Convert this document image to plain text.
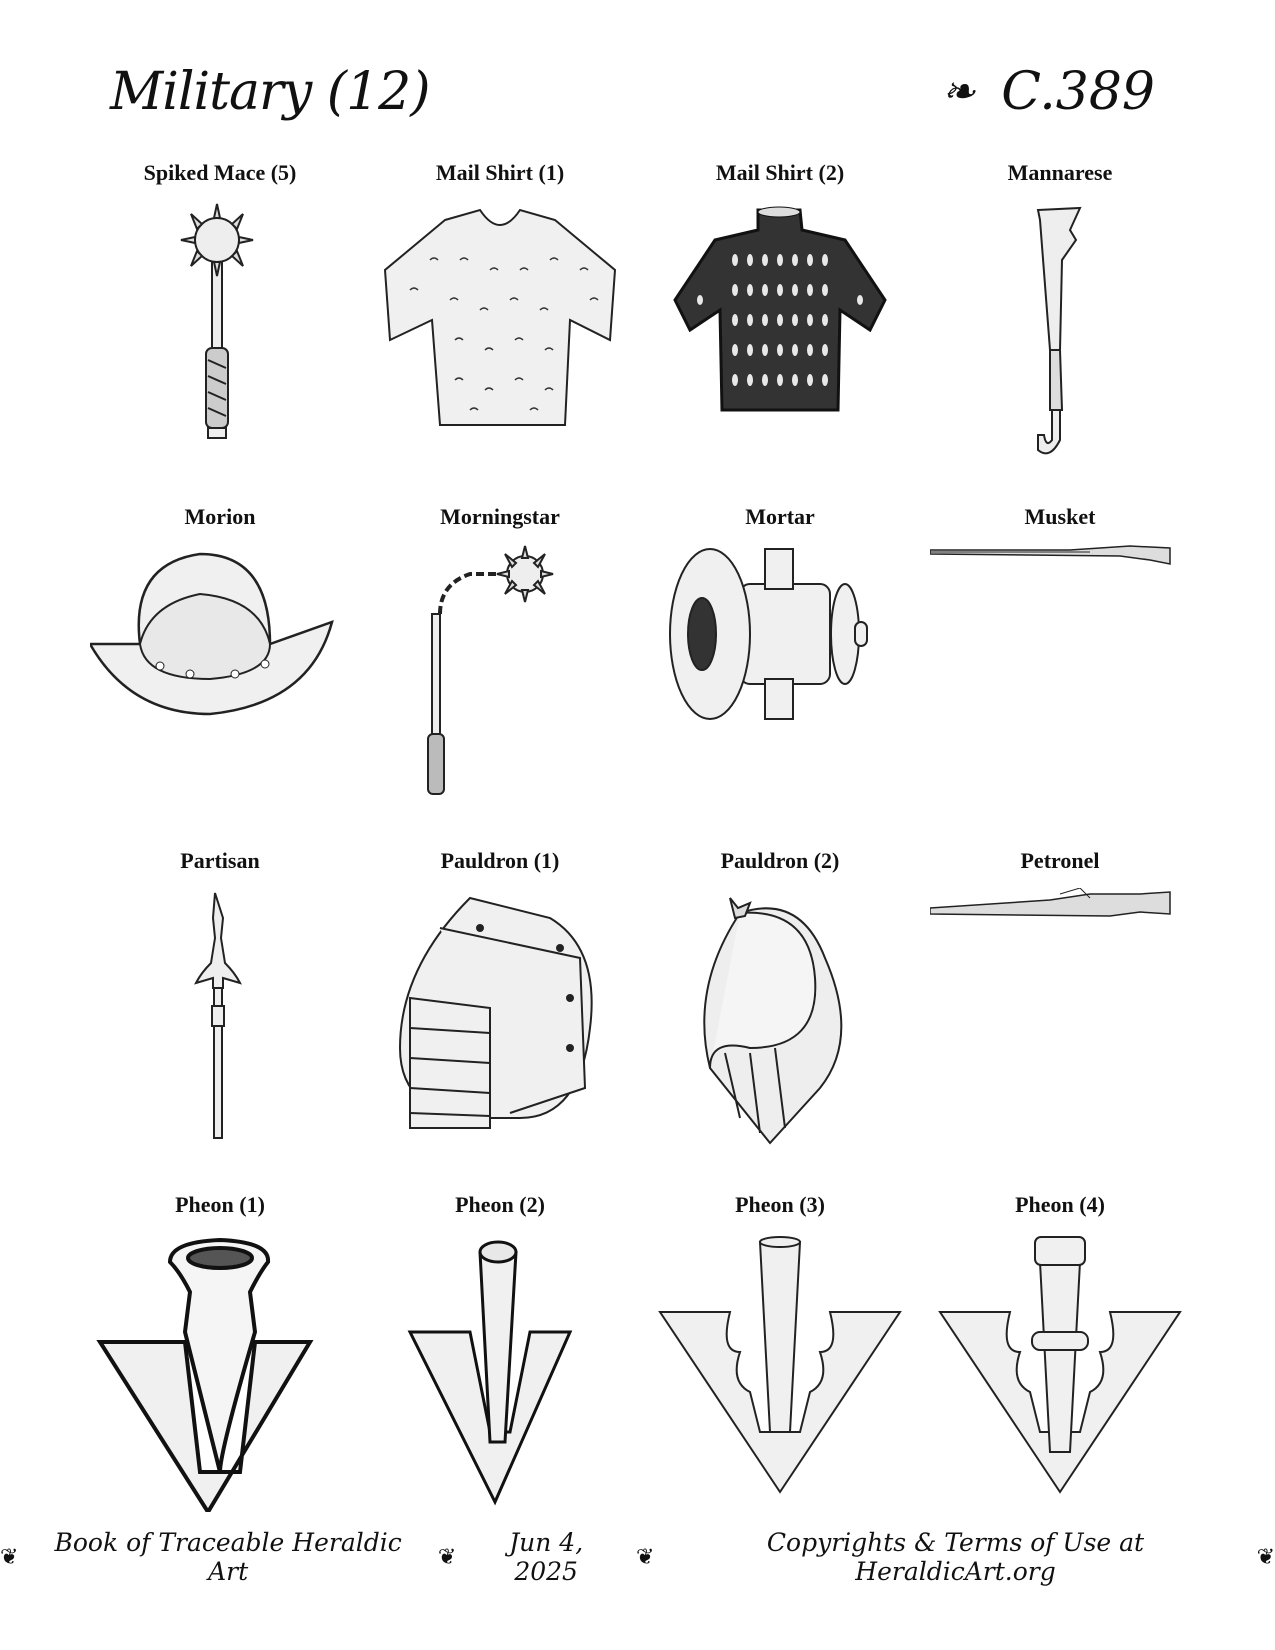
Military (12)	❧ C.389
Spiked Mace (5)	Mail Shirt (1)	Mail Shirt (2)	Mannarese
Morion	Morningstar	Mortar	Musket
Partisan	Pauldron (1)	Pauldron (2)	Petronel
Pheon (1)	Pheon (2)	Pheon (3)	Pheon (4)
❦	Book of Traceable Heraldic Art	❦	Jun 4, 2025	❦	Copyrights & Terms of Use at HeraldicArt.org	❦
